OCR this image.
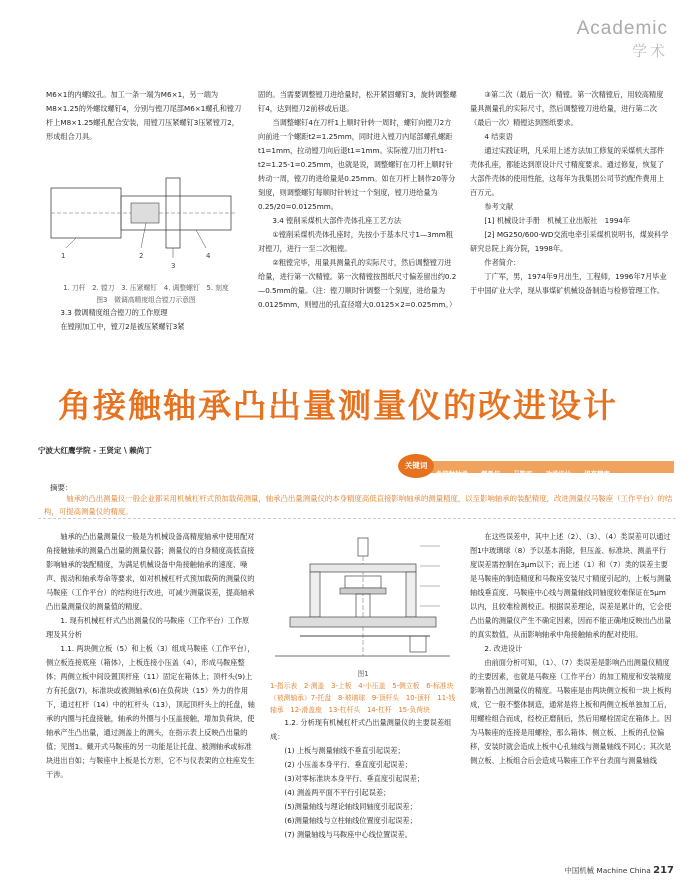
Academic
学术

M6×1的内螺纹孔。加工一条一端为M6×1，另一端为M8×1.25的外螺纹螺钉4，分别与镗刀尾部M6×1螺孔和镗刀杆上M8×1.25螺孔配合安装，用镗刀压紧螺钉3压紧镗刀2，形成组合刀具。

1	2
3
4
1. 刀杆　2. 镗刀　3. 压紧螺钉　4. 调整螺钉　5. 刻度
图3　微调高精度组合镗刀示意图

3.3 微调精度组合镗刀的工作原理

在镗削加工中，镗刀2是被压紧螺钉3紧

固的。当需要调整镗刀进给量时，松开紧固螺钉3，旋转调整螺钉4，达到镗刀2前移或后退。

当调整螺钉4在刀杆1上顺时针转一周时，螺钉向镗刀2方向前进一个螺距t2=1.25mm，同时进入镗刀内尾部螺孔螺距t1=1mm，拉动镗刀向后退t1=1mm。实际镗刀出刀杆t1-t2=1.25-1=0.25mm，也就是说，调整螺钉在刀杆上顺时针转动一周，镗刀的进给量是0.25mm。如在刀杆上制作20等分刻度，则调整螺钉每顺时针转过一个刻度，镗刀进给量为0.25/20=0.0125mm。

3.4 镗削采煤机大部件壳体孔座工艺方法

①镗削采煤机壳体孔座时，先按小于基本尺寸1—3mm粗对镗刀，进行一至二次粗镗。

②粗镗完毕，用量具测量孔的实际尺寸，然后调整镗刀进给量，进行第一次精镗。第一次精镗按图纸尺寸偏差留出约0.2—0.5mm的量。（注：镗刀顺时针调整一个刻度，进给量为0.0125mm，则镗出的孔直径增大0.0125×2=0.025mm。）

③第二次（最后一次）精镗。第一次精镗后，用较高精度量具测量孔的实际尺寸，然后调整镗刀进给量，进行第二次（最后一次）精镗达到图纸要求。

4 结束语

通过实践证明，凡采用上述方法加工修复的采煤机大部件壳体孔座，都能达到原设计尺寸精度要求。通过修复，恢复了大部件壳体的使用性能，这每年为我集团公司节约配件费用上百万元。

参考文献

[1] 机械设计手册　机械工业出版社　1994年

[2] MG250/600-WD交流电牵引采煤机说明书，煤炭科学研究总院上海分院，1998年。

作者简介：

丁广军，男，1974年9月出生，工程师，1996年7月毕业于中国矿业大学，现从事煤矿机械设备制造与检修管理工作。

角接触轴承凸出量测量仪的改进设计
宁波大红鹰学院 - 王贤定 \ 赖尚丁
角接触轴承 测量仪 马鞍座 改进设计 提高精度
关键词
摘要：
轴承的凸出测量仪一般企业都采用机械杠杆式预加载荷测量，轴承凸出量测量仪的本身精度高低直接影响轴承的测量精度，以至影响轴承的装配精度，改进测量仪马鞍座（工作平台）的结构，可提高测量仪的精度。

轴承的凸出量测量仪一般是为机械设备高精度轴承中使用配对角接触轴承的测量凸出量的测量仪器；测量仪的自身精度高低直接影响轴承的装配精度，为满足机械设备中角接触轴承的速度、噪声、振动和轴承寿命等要求，如对机械杠杆式预加载荷的测量仪的马鞍座（工作平台）的结构进行改进，可减少测量误差，提高轴承凸出量测量仪的测量值的精度。

1. 现有机械杠杆式凸出测量仪的马鞍座（工作平台）工作原理及其分析

1.1. 两块侧立板（5）和上板（3）组成马鞍座（工作平台），侧立板连接底座（箱体），上板连接小压盖（4），形成马鞍座整体；两侧立板中间设置顶杆座（11）固定在箱体上；顶杆头(9)上方有托盘(7)，标准块或被测轴承(6)在负荷块（15）外力的作用下，通过杠杆（14）中的杠杆头（13），顶起顶杆头上的托盘，轴承的内圈与托盘接触，轴承的外圈与小压盖接触，增加负荷块，使轴承产生凸出量，通过测盖上的测头，在指示表上反映凸出量的值；见图1。戴开式马鞍座的另一功能是让托盘、被测轴承或标准块进出自如；与鞍座中上板是长方形，它不与仪表架的立柱座发生干涉。

图1
1-指示表　2-测盖　3-上板　4-小压盖　5-侧立板　6-标准块（被测轴承）7-托盘　8-玻璃球　9-顶杆头　10-顶杆　11-钱轴承　12-滑盖座　13-杠杆头　14-杠杆　15-负荷块

1.2. 分析现有机械杠杆式凸出量测量仪的主要误差组成：

(1) 上板与测量轴线不垂直引起误差；

(2) 小压盖本身平行、垂直度引起误差；

(3)对零标准块本身平行、垂直度引起误差；

(4) 测盖两平面不平行引起误差；

(5)测量轴线与理论轴线同轴度引起误差；

(6)测量轴线与立柱轴线位置度引起误差；

(7) 测量轴线与马鞍座中心线位置误差。

在这些误差中，其中上述（2）、（3）、（4）类误差可以通过图1中玻璃球（8）予以基本消除，但压盖、标准块、测盖平行度误差需控制在3μm以下；而上述（1）和（7）类的误差主要是马鞍座的制造精度和马鞍座安装尺寸精度引起的，上板与测量轴线垂直度、马鞍座中心线与测量轴线同轴度较难保证在5μm以内，且较难检测校正。根据误差理论，误差是累计的，它会使凸出量的测量仪产生不确定因素，因而不能正确地反映出凸出量的真实数值，从而影响轴承中角接触轴承的配对使用。

2. 改进设计

由前面分析可知，（1）、（7）类误差是影响凸出测量仪精度的主要因素，也就是马鞍座（工作平台）的加工精度和安装精度影响着凸出测量仪的精度。马鞍座是由两块侧立板和一块上板构成，它一般不整体制造，通常是将上板和两侧立板单独加工后，用螺栓组合而成，经校正磨削后，然后用螺栓固定在箱体上。因为马鞍座的连接是用螺栓，那么箱体、侧立板、上板的孔位偏移，安装时就会造成上板中心孔轴线与测量轴线不同心；其次是侧立板、上板组合后会造成马鞍座工作平台表面与测量轴线

中国机械 Machine China 217
